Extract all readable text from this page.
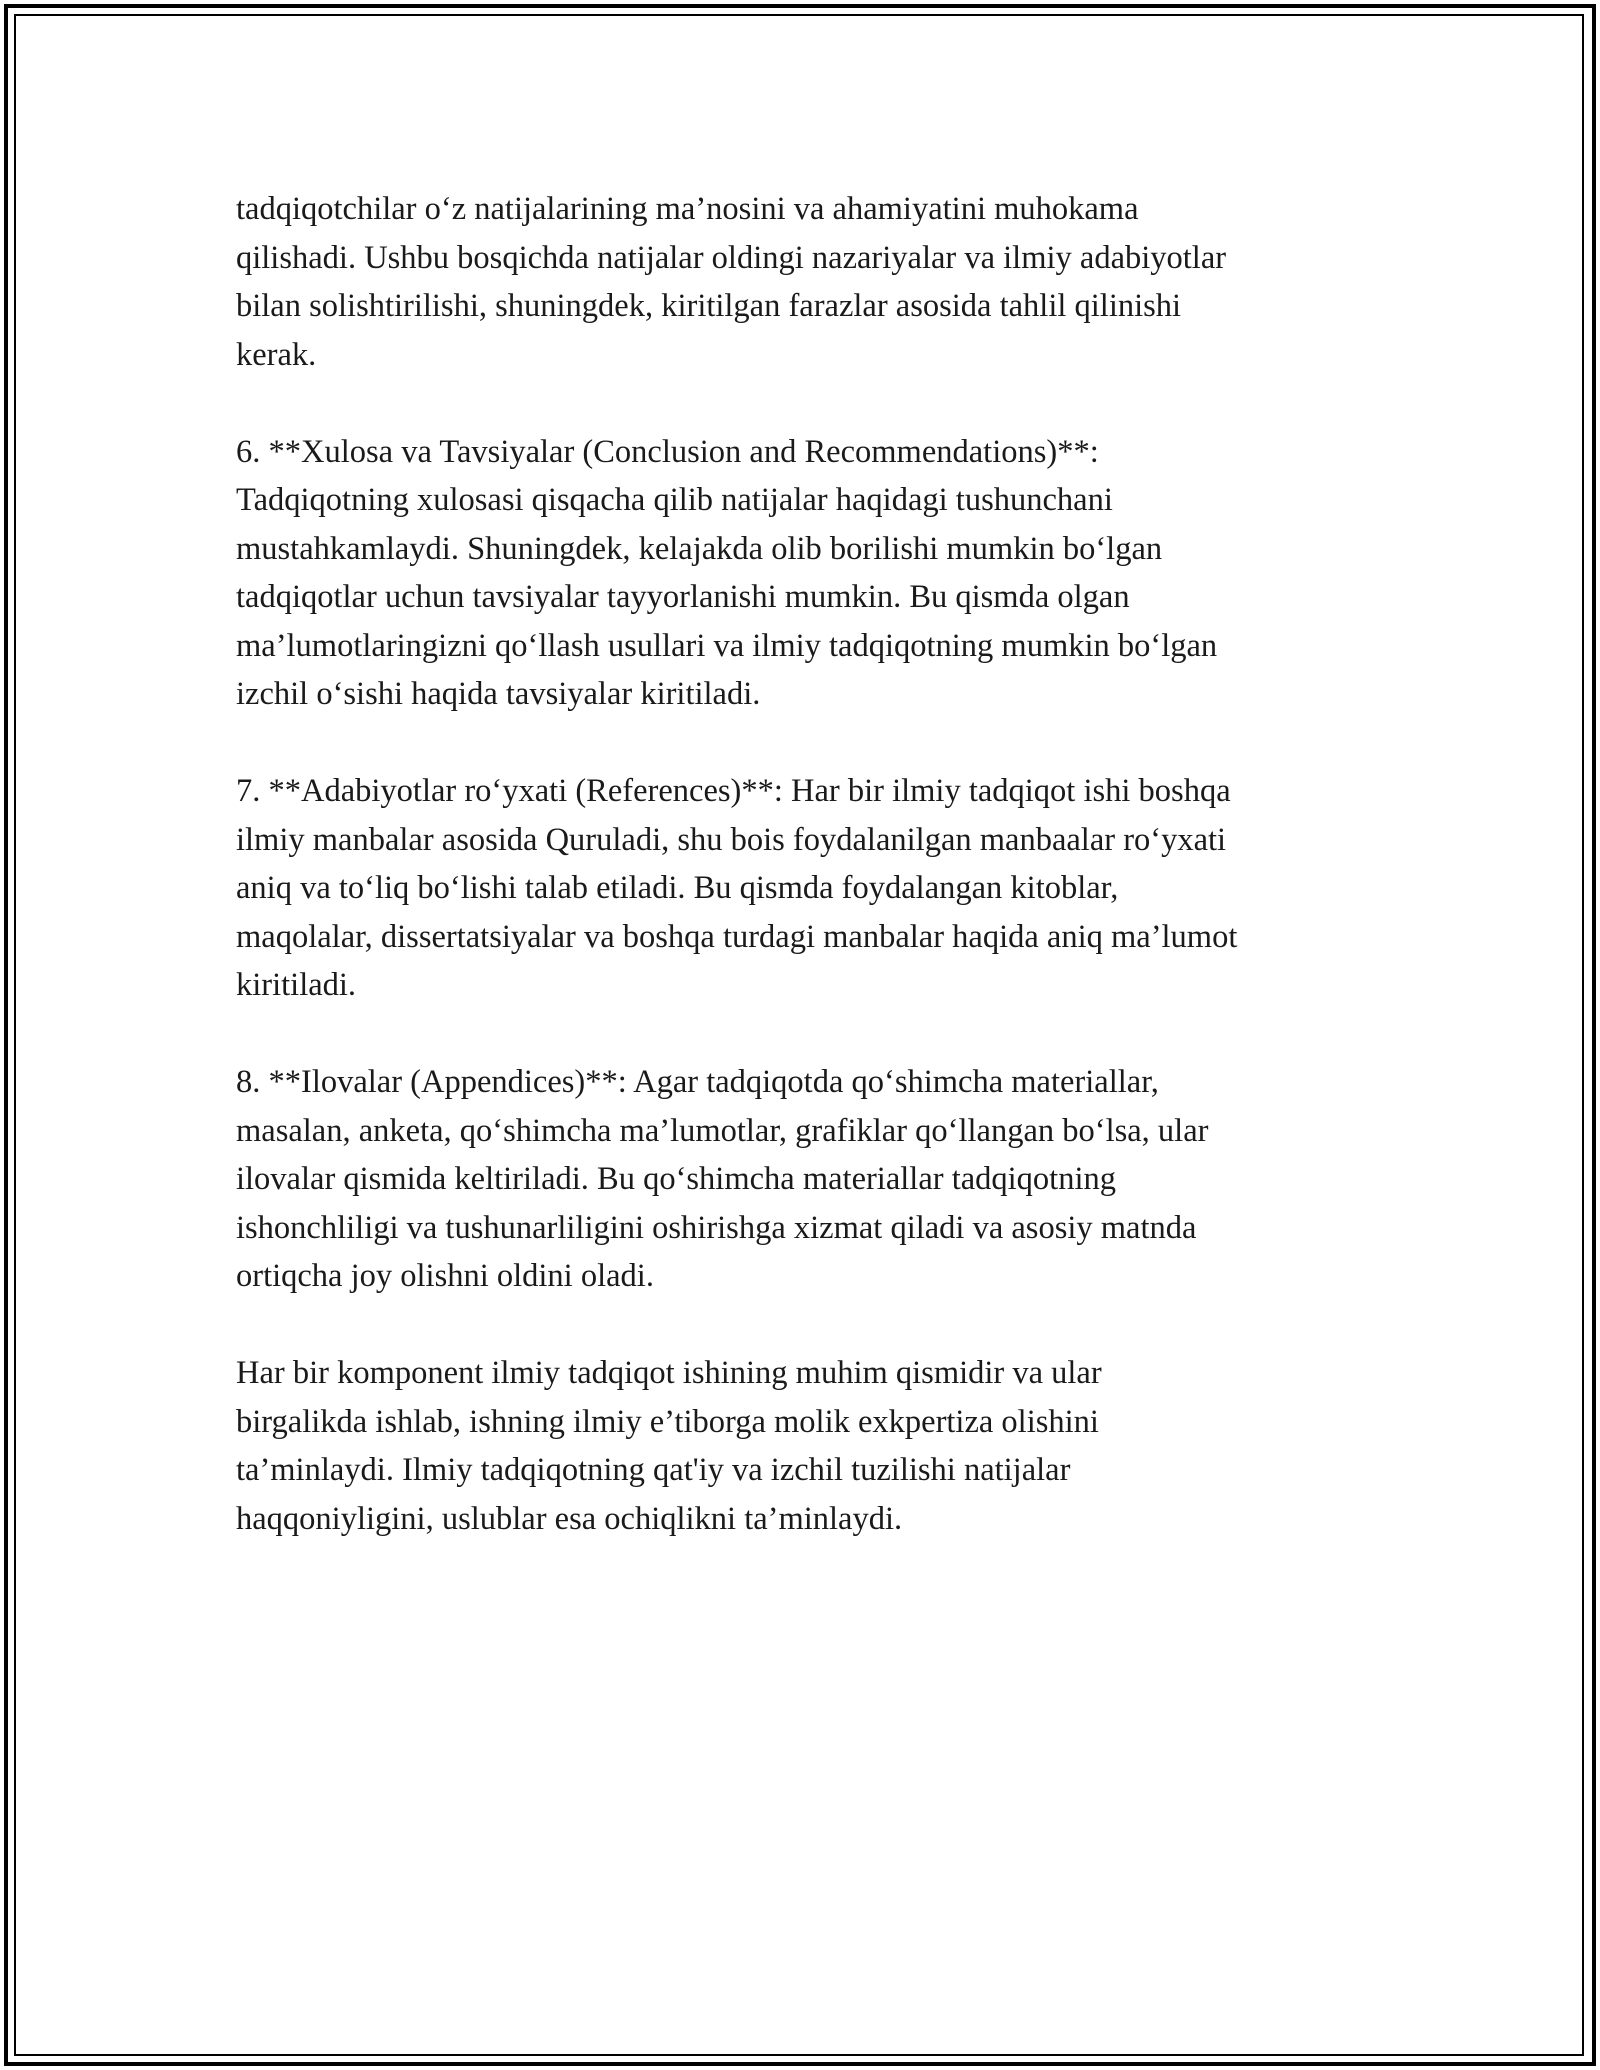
tadqiqotchilar o‘z natijalarining ma’nosini va ahamiyatini muhokama
qilishadi. Ushbu bosqichda natijalar oldingi nazariyalar va ilmiy adabiyotlar
bilan solishtirilishi, shuningdek, kiritilgan farazlar asosida tahlil qilinishi
kerak.

6. **Xulosa va Tavsiyalar (Conclusion and Recommendations)**:
Tadqiqotning xulosasi qisqacha qilib natijalar haqidagi tushunchani
mustahkamlaydi. Shuningdek, kelajakda olib borilishi mumkin bo‘lgan
tadqiqotlar uchun tavsiyalar tayyorlanishi mumkin. Bu qismda olgan
ma’lumotlaringizni qo‘llash usullari va ilmiy tadqiqotning mumkin bo‘lgan
izchil o‘sishi haqida tavsiyalar kiritiladi.

7. **Adabiyotlar ro‘yxati (References)**: Har bir ilmiy tadqiqot ishi boshqa
ilmiy manbalar asosida Quruladi, shu bois foydalanilgan manbaalar ro‘yxati
aniq va to‘liq bo‘lishi talab etiladi. Bu qismda foydalangan kitoblar,
maqolalar, dissertatsiyalar va boshqa turdagi manbalar haqida aniq ma’lumot
kiritiladi.

8. **Ilovalar (Appendices)**: Agar tadqiqotda qo‘shimcha materiallar,
masalan, anketa, qo‘shimcha ma’lumotlar, grafiklar qo‘llangan bo‘lsa, ular
ilovalar qismida keltiriladi. Bu qo‘shimcha materiallar tadqiqotning
ishonchliligi va tushunarliligini oshirishga xizmat qiladi va asosiy matnda
ortiqcha joy olishni oldini oladi.

Har bir komponent ilmiy tadqiqot ishining muhim qismidir va ular
birgalikda ishlab, ishning ilmiy e’tiborga molik exkpertiza olishini
ta’minlaydi. Ilmiy tadqiqotning qat'iy va izchil tuzilishi natijalar
haqqoniyligini, uslublar esa ochiqlikni ta’minlaydi.
